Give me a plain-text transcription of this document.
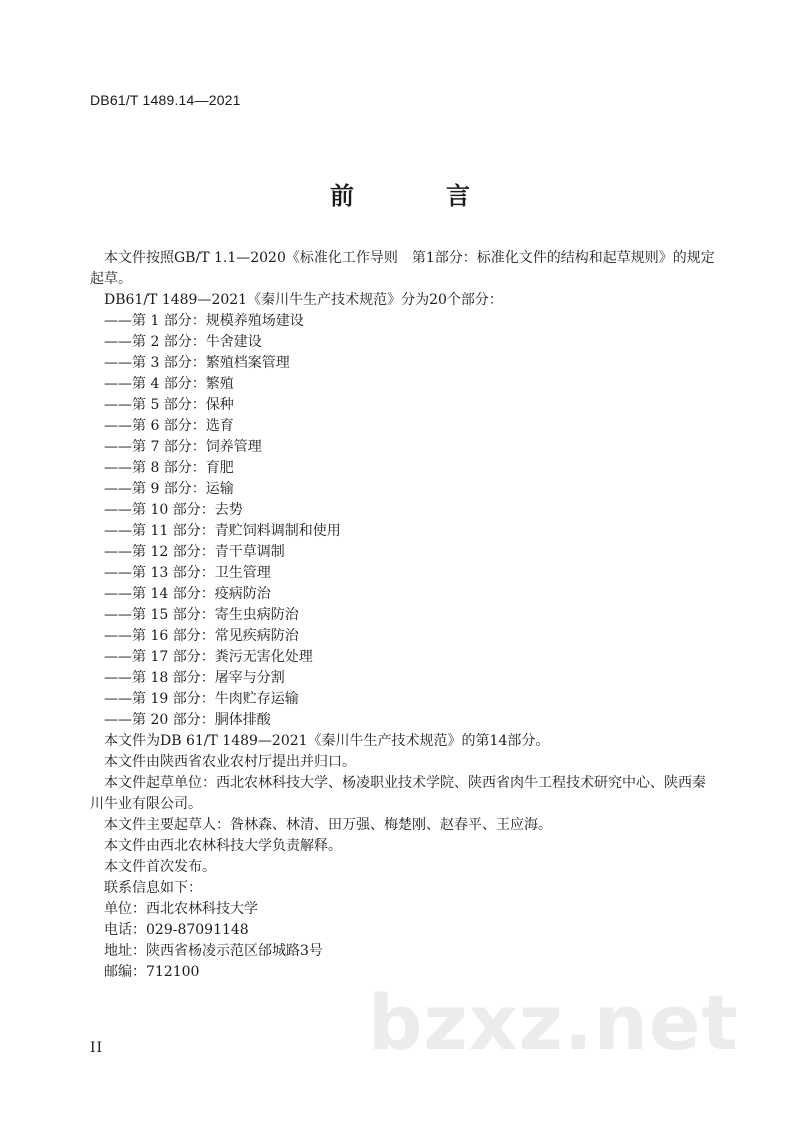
DB61/T 1489.14—2021
前　言

本文件按照GB/T 1.1—2020《标准化工作导则　第1部分：标准化文件的结构和起草规则》的规定起草。

DB61/T 1489—2021《秦川牛生产技术规范》分为20个部分：

——第 1 部分：规模养殖场建设
——第 2 部分：牛舍建设
——第 3 部分：繁殖档案管理
——第 4 部分：繁殖
——第 5 部分：保种
——第 6 部分：选育
——第 7 部分：饲养管理
——第 8 部分：育肥
——第 9 部分：运输
——第 10 部分：去势
——第 11 部分：青贮饲料调制和使用
——第 12 部分：青干草调制
——第 13 部分：卫生管理
——第 14 部分：疫病防治
——第 15 部分：寄生虫病防治
——第 16 部分：常见疾病防治
——第 17 部分：粪污无害化处理
——第 18 部分：屠宰与分割
——第 19 部分：牛肉贮存运输
——第 20 部分：胴体排酸

本文件为DB 61/T 1489—2021《秦川牛生产技术规范》的第14部分。

本文件由陕西省农业农村厅提出并归口。

本文件起草单位：西北农林科技大学、杨凌职业技术学院、陕西省肉牛工程技术研究中心、陕西秦川牛业有限公司。

本文件主要起草人：昝林森、林清、田万强、梅楚刚、赵春平、王应海。

本文件由西北农林科技大学负责解释。

本文件首次发布。

联系信息如下：

单位：西北农林科技大学

电话：029-87091148

地址：陕西省杨凌示范区邰城路3号

邮编：712100

bzxz.net
II
